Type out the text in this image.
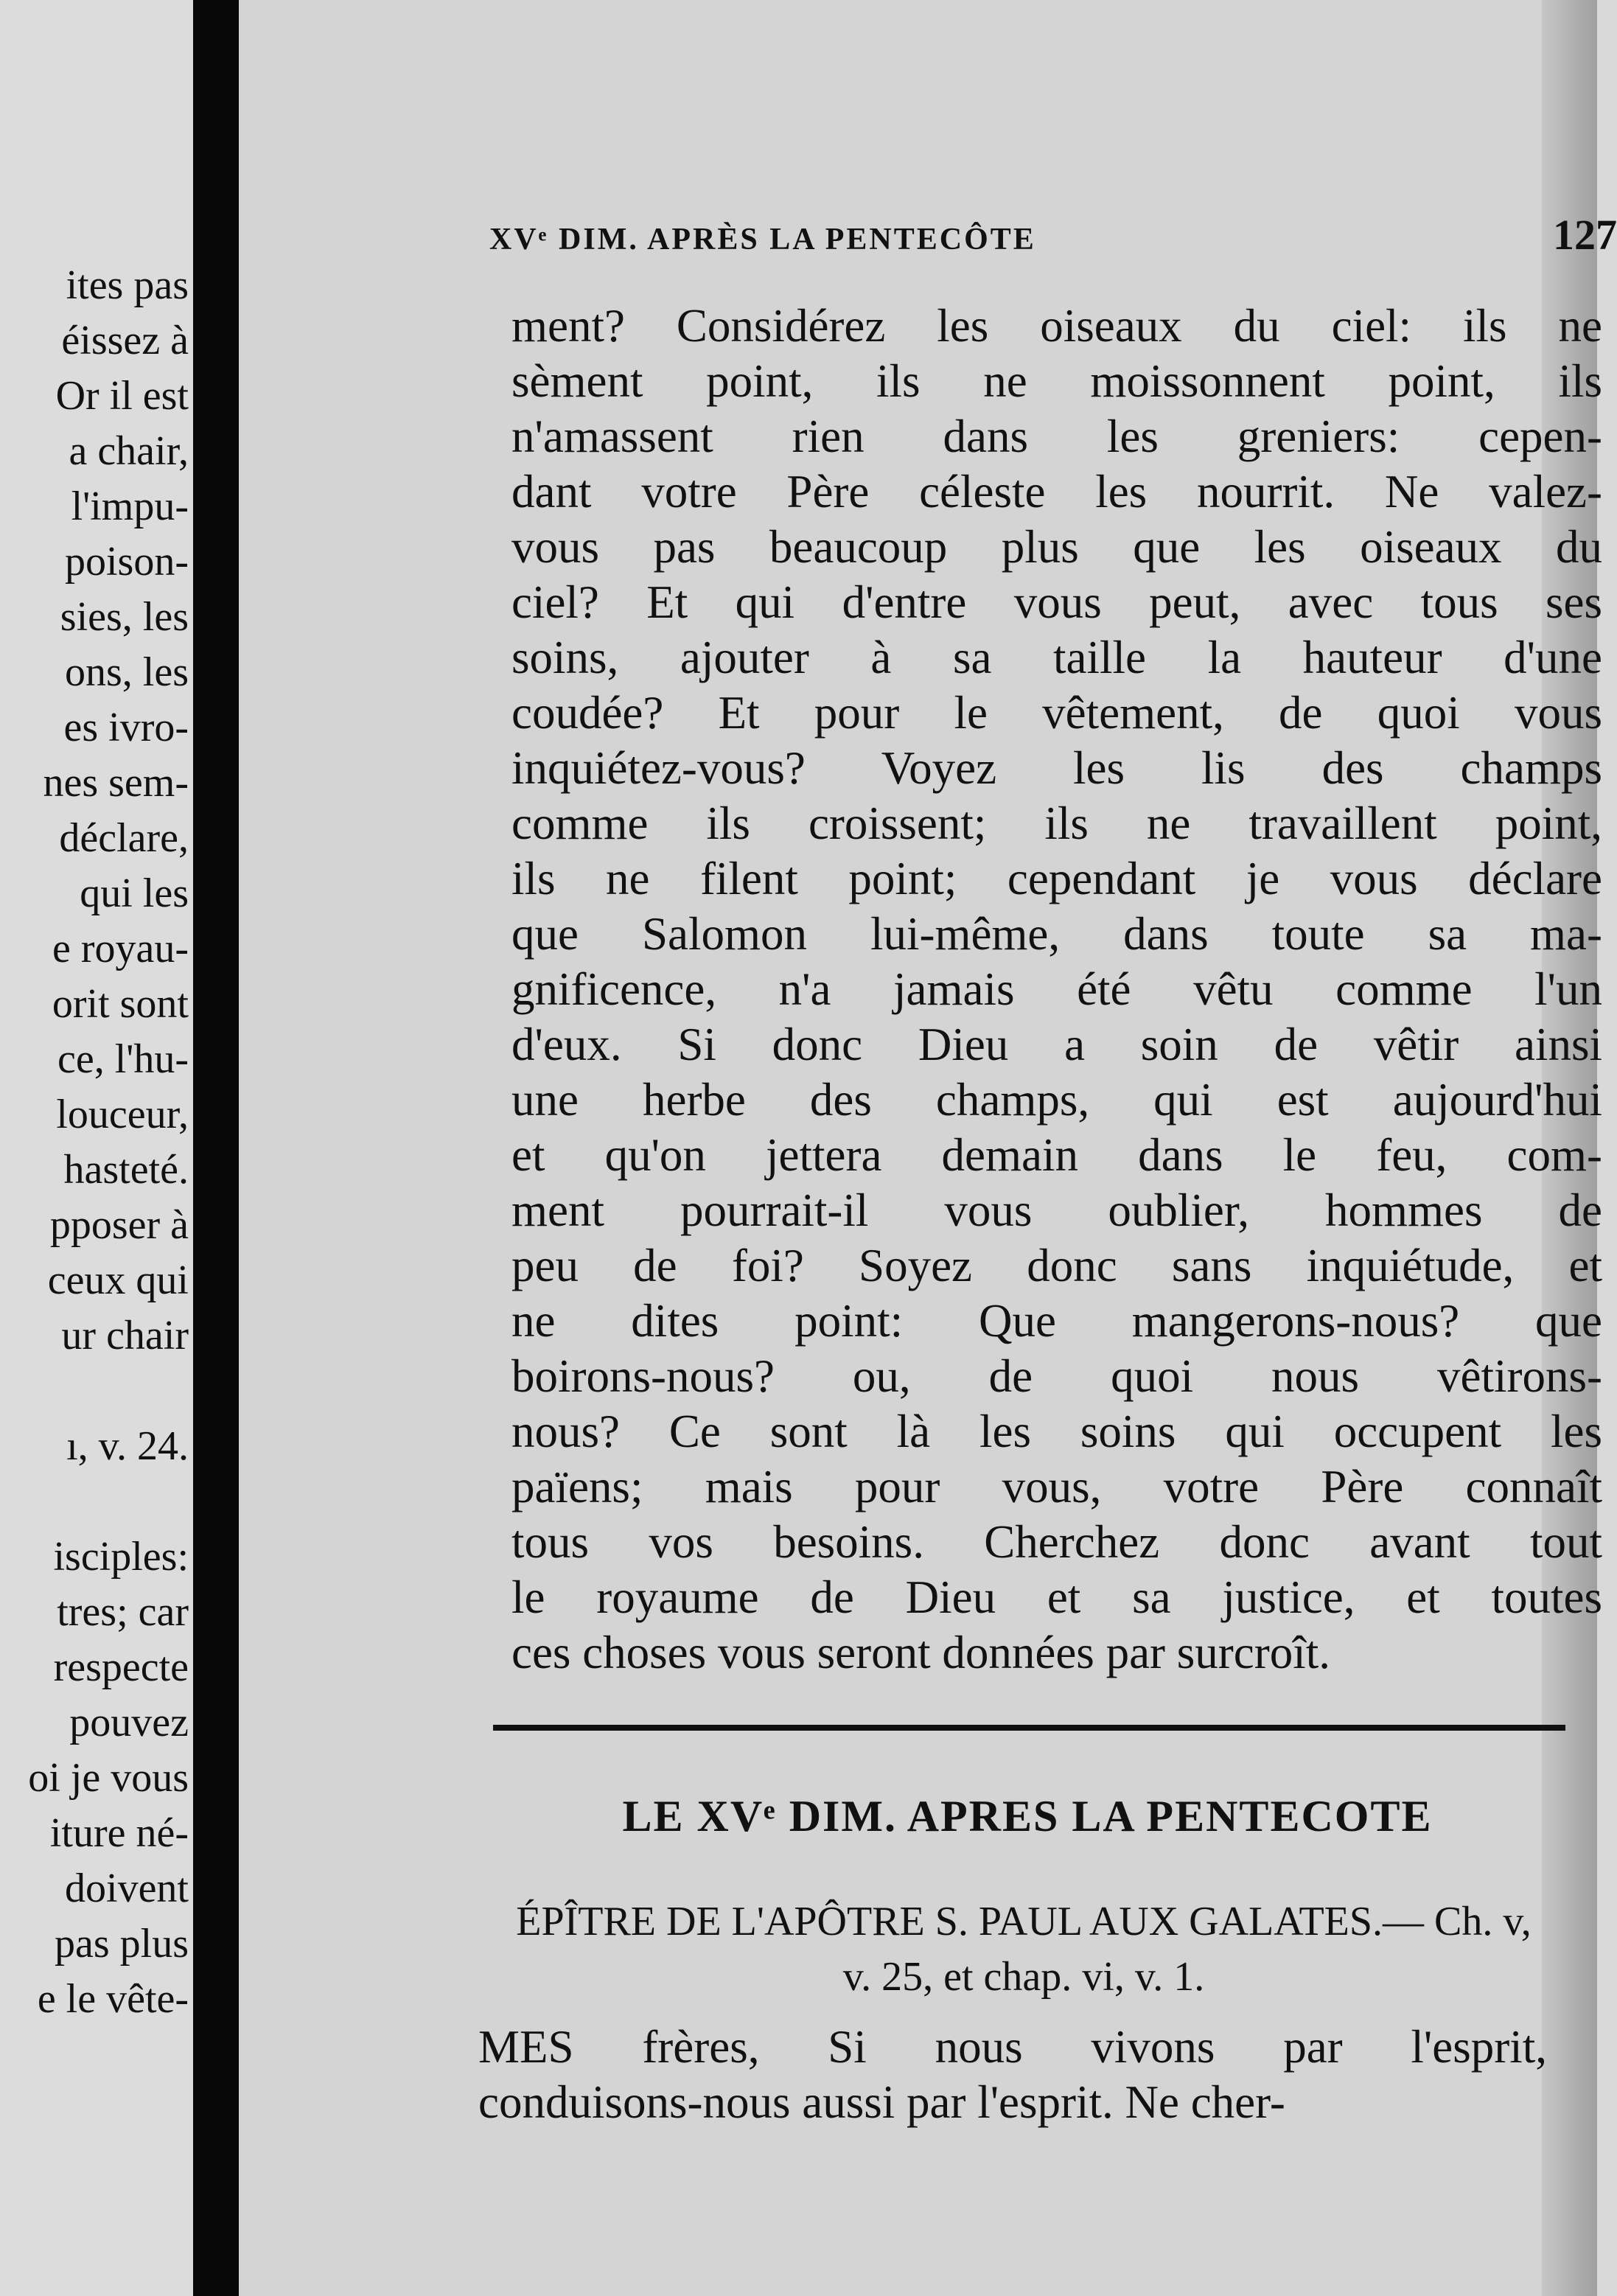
ites pas
éissez à
Or il est
a chair,
l'impu-
poison-
sies, les
ons, les
es ivro-
nes sem-
déclare,
qui les
e royau-
orit sont
ce, l'hu-
louceur,
hasteté.
pposer à
ceux qui
ur chair
ı, v. 24.
isciples:
tres; car
respecte
pouvez
oi je vous
iture né-
doivent
pas plus
e le vête-
XVᵉ DIM. APRÈS LA PENTECÔTE	127
ment? Considérez les oiseaux du ciel: ils ne
sèment point, ils ne moissonnent point, ils
n'amassent rien dans les greniers: cepen-
dant votre Père céleste les nourrit. Ne valez-
vous pas beaucoup plus que les oiseaux du
ciel? Et qui d'entre vous peut, avec tous ses
soins, ajouter à sa taille la hauteur d'une
coudée? Et pour le vêtement, de quoi vous
inquiétez-vous? Voyez les lis des champs
comme ils croissent; ils ne travaillent point,
ils ne filent point; cependant je vous déclare
que Salomon lui-même, dans toute sa ma-
gnificence, n'a jamais été vêtu comme l'un
d'eux. Si donc Dieu a soin de vêtir ainsi
une herbe des champs, qui est aujourd'hui
et qu'on jettera demain dans le feu, com-
ment pourrait-il vous oublier, hommes de
peu de foi? Soyez donc sans inquiétude, et
ne dites point: Que mangerons-nous? que
boirons-nous? ou, de quoi nous vêtirons-
nous? Ce sont là les soins qui occupent les
païens; mais pour vous, votre Père connaît
tous vos besoins. Cherchez donc avant tout
le royaume de Dieu et sa justice, et toutes
ces choses vous seront données par surcroît.
LE XVᵉ DIM. APRES LA PENTECOTE
ÉPÎTRE DE L'APÔTRE S. PAUL AUX GALATES.— Ch. v,
v. 25, et chap. vi, v. 1.
MES frères, Si nous vivons par l'esprit,
conduisons-nous aussi par l'esprit. Ne cher-
